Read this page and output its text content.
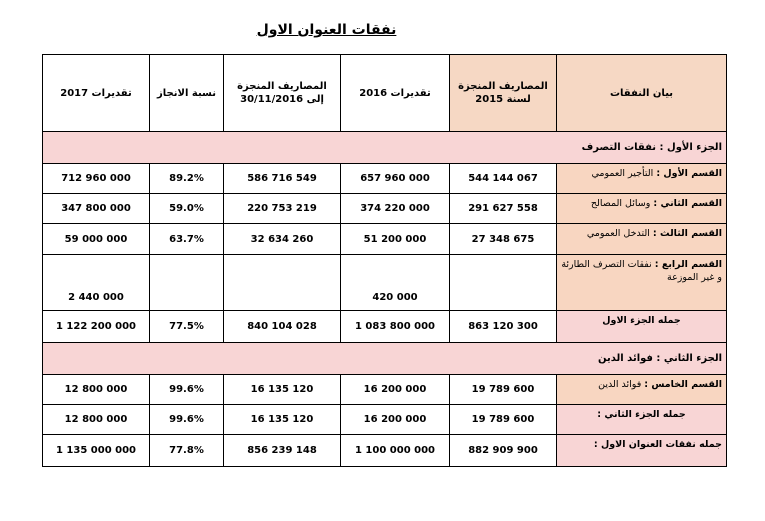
نفقات العنوان الاول
بيان النفقات	المصاريف المنجزة لسنة 2015	تقديرات 2016	المصاريف المنجزة إلى 30/11/2016	نسبة الانجاز	تقديرات 2017
الجزء الأول : نفقات التصرف					
القسم الأول : التأجير العمومي	544 144 067	657 960 000	586 716 549	89.2%	712 960 000
القسم الثاني : وسائل المصالح	291 627 558	374 220 000	220 753 219	59.0%	347 800 000
القسم الثالث : التدخل العمومي	27 348 675	51 200 000	32 634 260	63.7%	59 000 000
القسم الرابع : نفقات التصرف الطارئة و غير الموزعة		420 000			2 440 000
جمله الجزء الاول	863 120 300	1 083 800 000	840 104 028	77.5%	1 122 200 000
الجزء الثاني : فوائد الدين					
القسم الخامس : فوائد الدين	19 789 600	16 200 000	16 135 120	99.6%	12 800 000
جمله الجزء الثاني :	19 789 600	16 200 000	16 135 120	99.6%	12 800 000
جمله نفقات العنوان الاول :	882 909 900	1 100 000 000	856 239 148	77.8%	1 135 000 000
